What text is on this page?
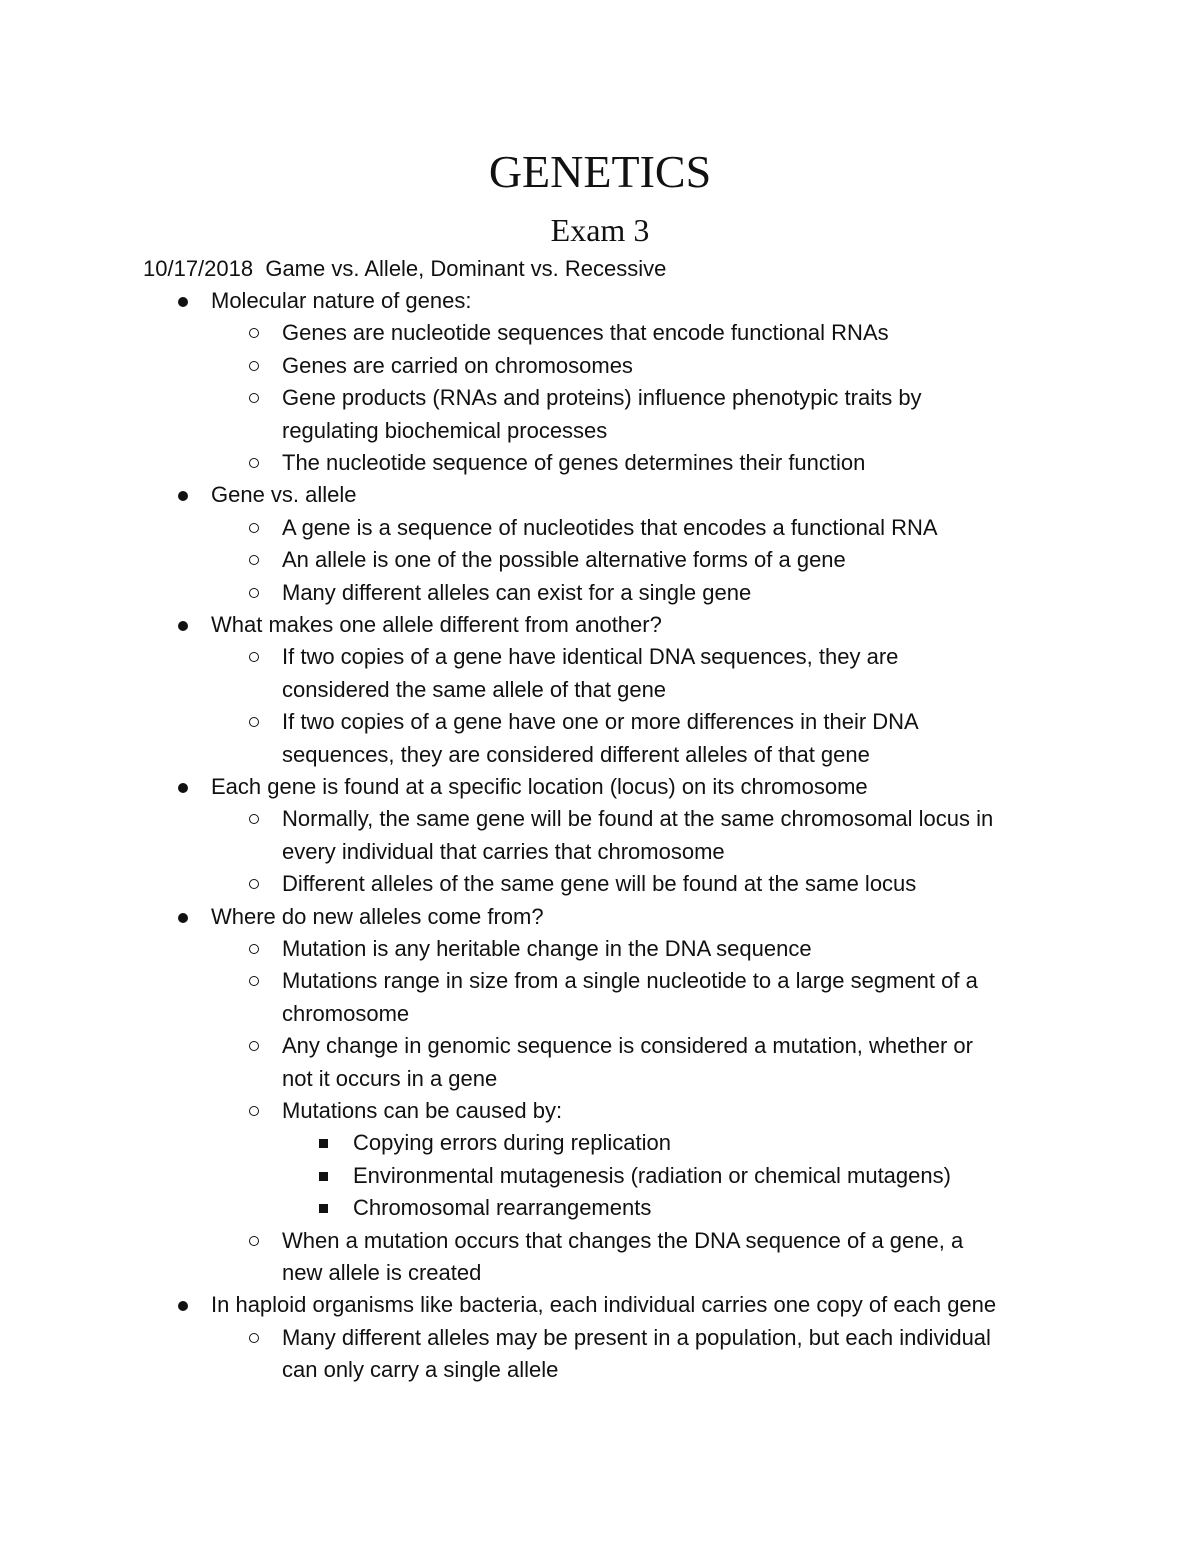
GENETICS
Exam 3
10/17/2018  Game vs. Allele, Dominant vs. Recessive
Molecular nature of genes:
Genes are nucleotide sequences that encode functional RNAs
Genes are carried on chromosomes
Gene products (RNAs and proteins) influence phenotypic traits by
regulating biochemical processes
The nucleotide sequence of genes determines their function
Gene vs. allele
A gene is a sequence of nucleotides that encodes a functional RNA
An allele is one of the possible alternative forms of a gene
Many different alleles can exist for a single gene
What makes one allele different from another?
If two copies of a gene have identical DNA sequences, they are
considered the same allele of that gene
If two copies of a gene have one or more differences in their DNA
sequences, they are considered different alleles of that gene
Each gene is found at a specific location (locus) on its chromosome
Normally, the same gene will be found at the same chromosomal locus in
every individual that carries that chromosome
Different alleles of the same gene will be found at the same locus
Where do new alleles come from?
Mutation is any heritable change in the DNA sequence
Mutations range in size from a single nucleotide to a large segment of a
chromosome
Any change in genomic sequence is considered a mutation, whether or
not it occurs in a gene
Mutations can be caused by:
Copying errors during replication
Environmental mutagenesis (radiation or chemical mutagens)
Chromosomal rearrangements
When a mutation occurs that changes the DNA sequence of a gene, a
new allele is created
In haploid organisms like bacteria, each individual carries one copy of each gene
Many different alleles may be present in a population, but each individual
can only carry a single allele
